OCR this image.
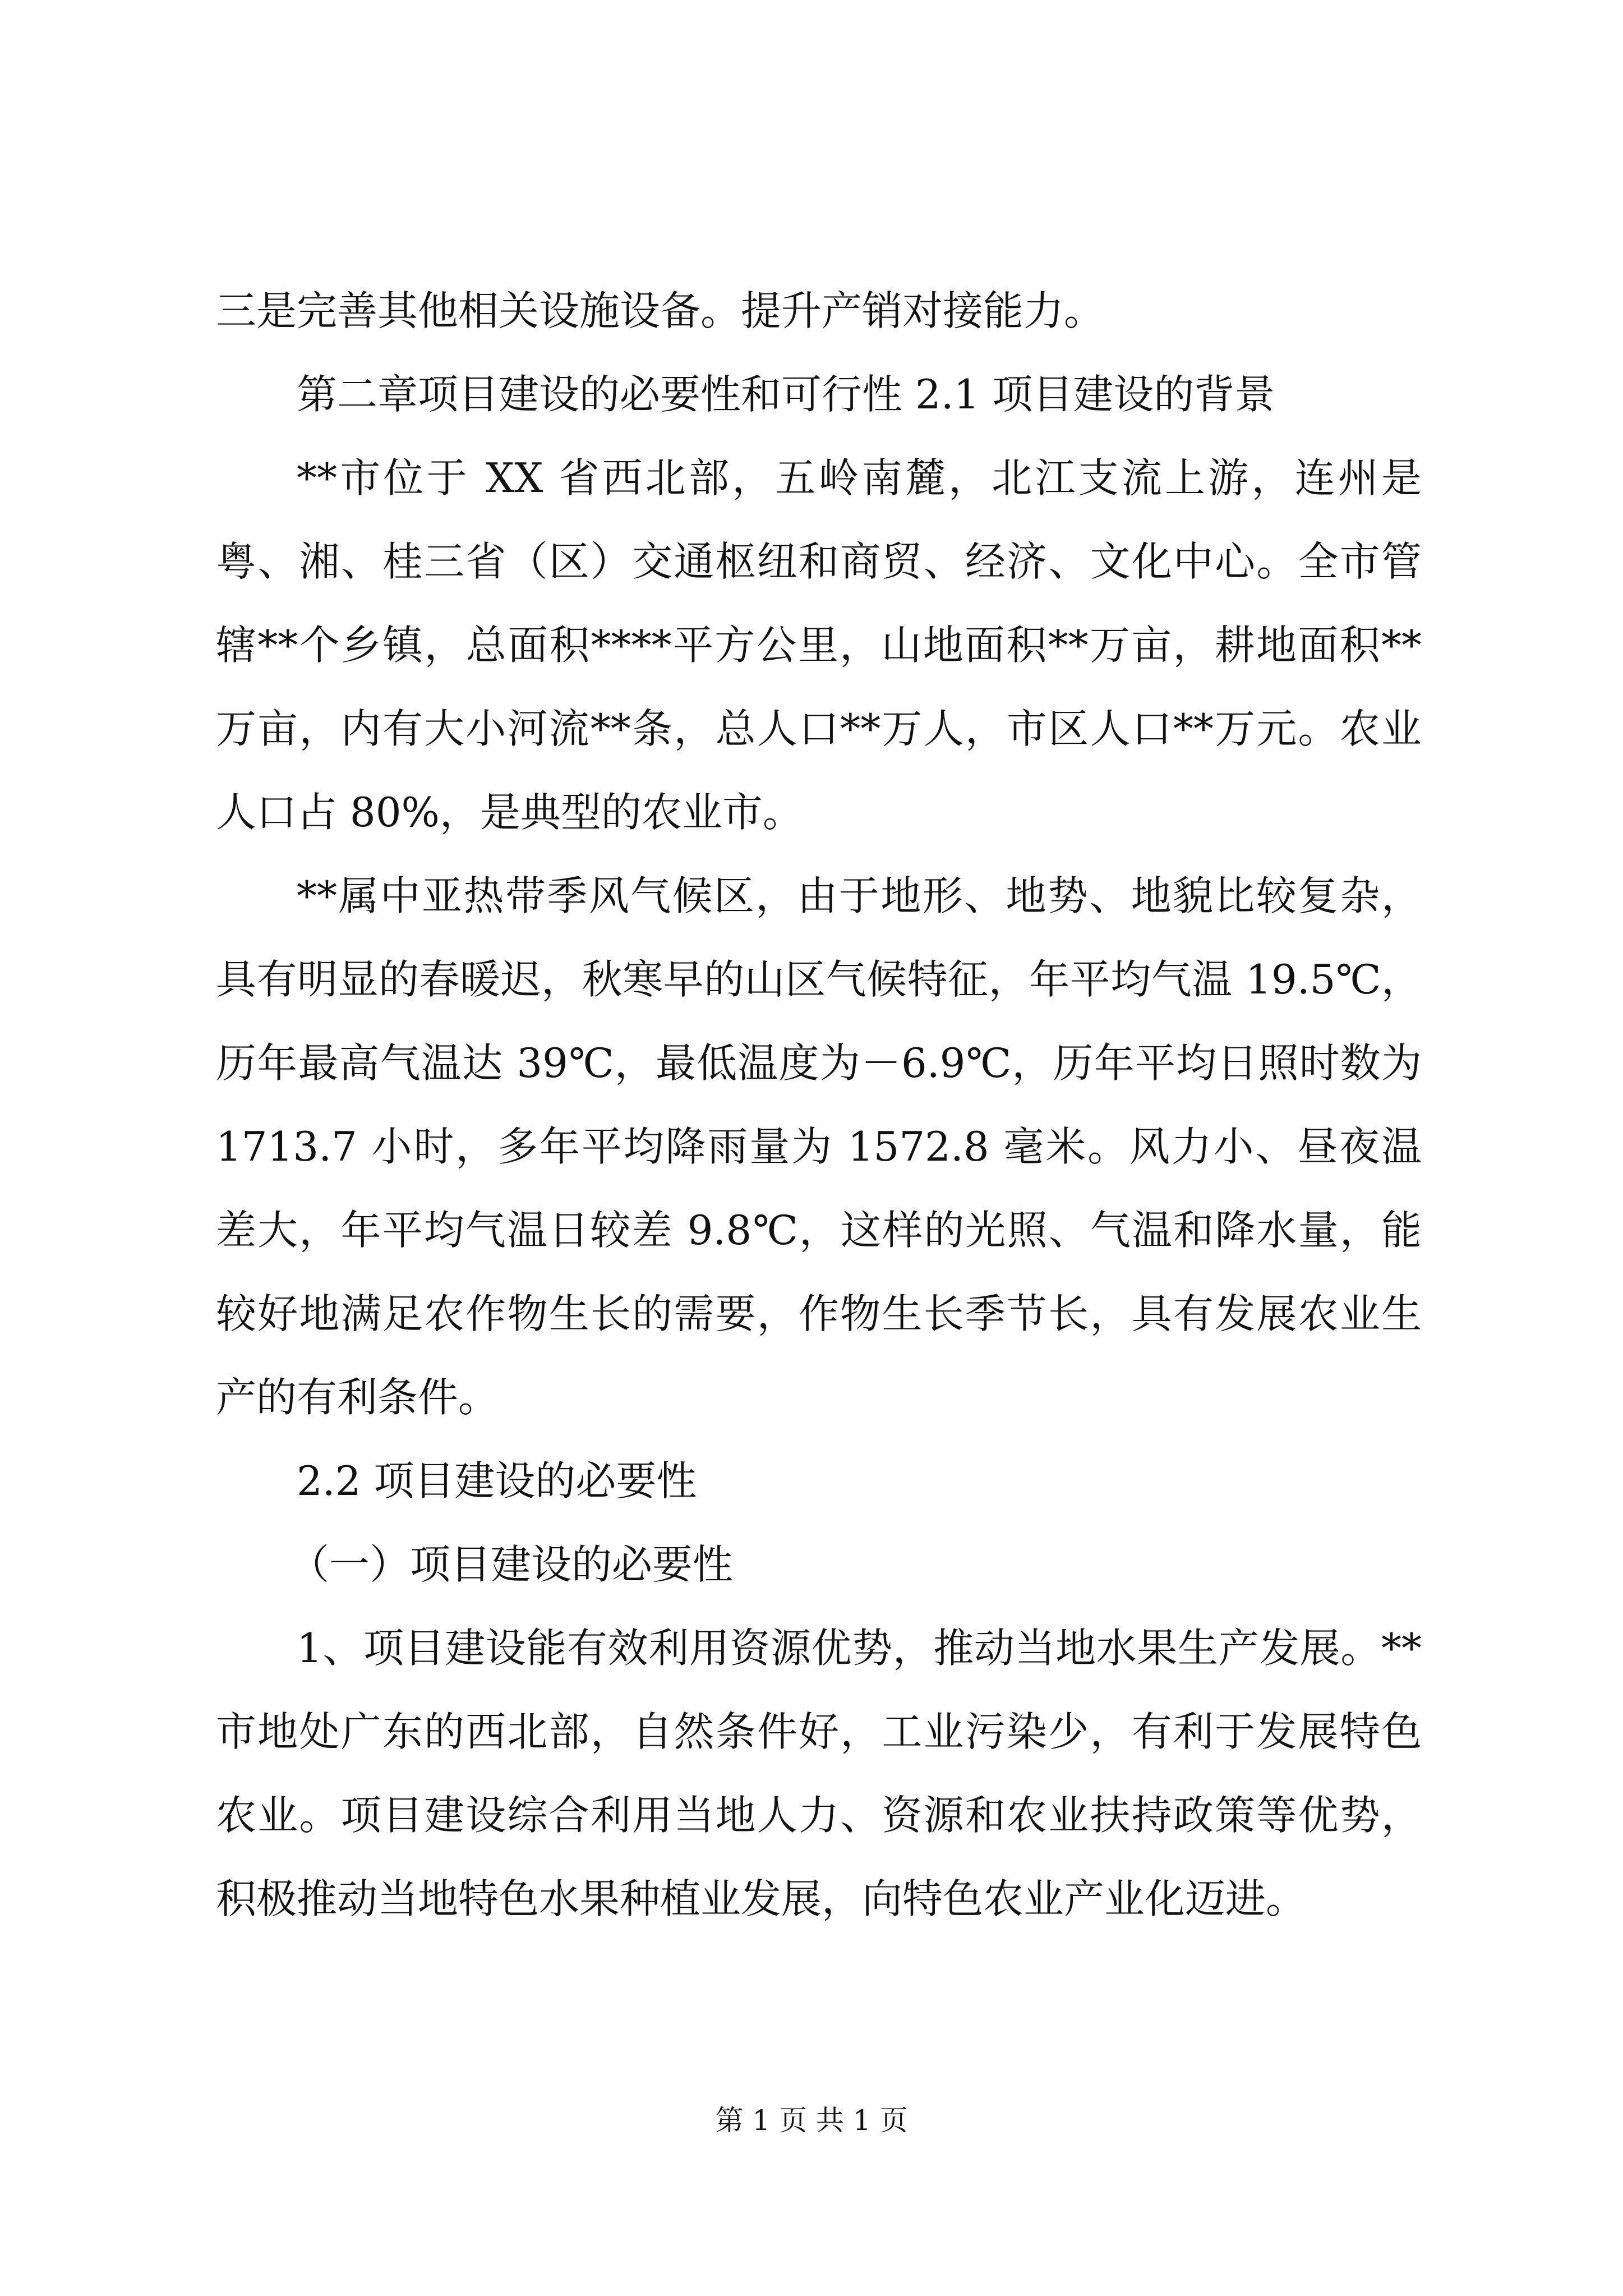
三是完善其他相关设施设备。提升产销对接能力。

第二章项目建设的必要性和可行性 2.1 项目建设的背景

**市位于 XX 省西北部，五岭南麓，北江支流上游，连州是粤、湘、桂三省（区）交通枢纽和商贸、经济、文化中心。全市管辖**个乡镇，总面积****平方公里，山地面积**万亩，耕地面积**万亩，内有大小河流**条，总人口**万人，市区人口**万元。农业人口占 80%，是典型的农业市。

**属中亚热带季风气候区，由于地形、地势、地貌比较复杂，具有明显的春暖迟，秋寒早的山区气候特征，年平均气温 19.5℃，历年最高气温达 39℃，最低温度为－6.9℃，历年平均日照时数为 1713.7 小时，多年平均降雨量为 1572.8 毫米。风力小、昼夜温差大，年平均气温日较差 9.8℃，这样的光照、气温和降水量，能较好地满足农作物生长的需要，作物生长季节长，具有发展农业生产的有利条件。

2.2 项目建设的必要性

（一）项目建设的必要性

1、项目建设能有效利用资源优势，推动当地水果生产发展。**市地处广东的西北部，自然条件好，工业污染少，有利于发展特色农业。项目建设综合利用当地人力、资源和农业扶持政策等优势，积极推动当地特色水果种植业发展，向特色农业产业化迈进。

第 1 页 共 1 页
